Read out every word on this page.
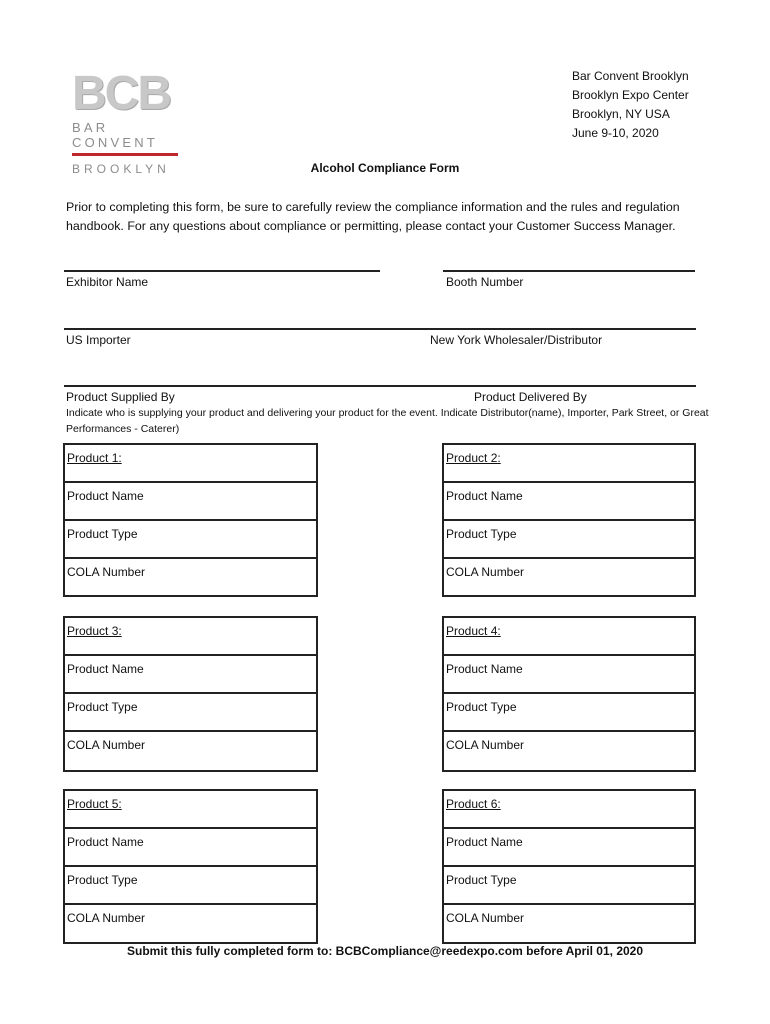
BCB
BAR CONVENT
BROOKLYN
Bar Convent Brooklyn
Brooklyn Expo Center
Brooklyn, NY USA
June 9-10, 2020
Alcohol Compliance Form
Prior to completing this form, be sure to carefully review the compliance information and the rules and regulation handbook. For any questions about compliance or permitting, please contact your Customer Success Manager.
Exhibitor Name	Booth Number
US Importer	New York Wholesaler/Distributor
Product Supplied By	Product Delivered By
Indicate who is supplying your product and delivering your product for the event. Indicate Distributor(name), Importer, Park Street, or Great Performances - Caterer)
Product 1:
Product Name
Product Type
COLA Number
Product 2:
Product Name
Product Type
COLA Number
Product 3:
Product Name
Product Type
COLA Number
Product 4:
Product Name
Product Type
COLA Number
Product 5:
Product Name
Product Type
COLA Number
Product 6:
Product Name
Product Type
COLA Number
Submit this fully completed form to: BCBCompliance@reedexpo.com before April 01, 2020
